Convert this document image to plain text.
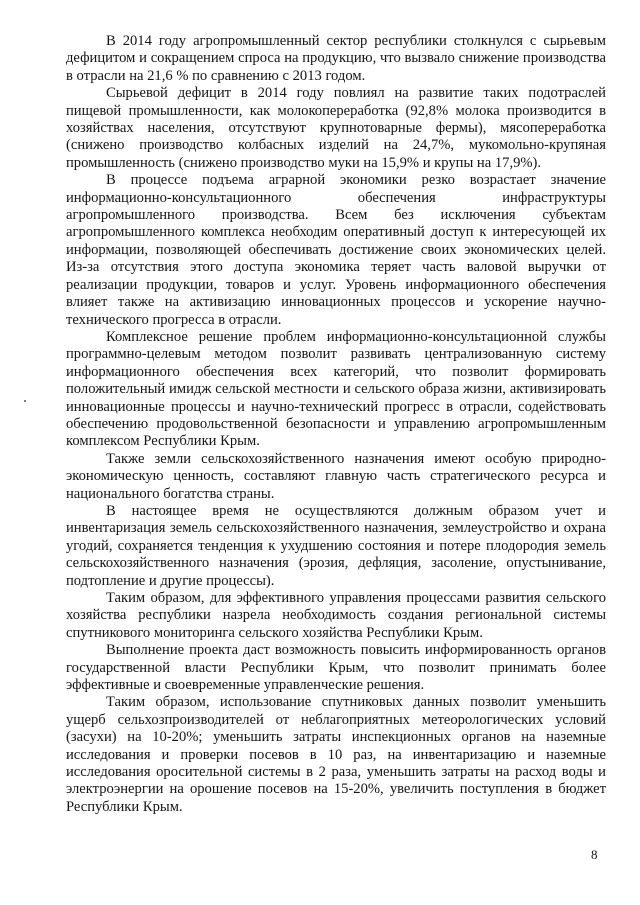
В 2014 году агропромышленный сектор республики столкнулся с сырьевым дефицитом и сокращением спроса на продукцию, что вызвало снижение производства в отрасли на 21,6 % по сравнению с 2013 годом.

Сырьевой дефицит в 2014 году повлиял на развитие таких подотраслей пищевой промышленности, как молокопереработка (92,8% молока производится в хозяйствах населения, отсутствуют крупнотоварные фермы), мясопереработка (снижено производство колбасных изделий на 24,7%, мукомольно-крупяная промышленность (снижено производство муки на 15,9% и крупы на 17,9%).

В процессе подъема аграрной экономики резко возрастает значение информационно-консультационного обеспечения инфраструктуры агропромышленного производства. Всем без исключения субъектам агропромышленного комплекса необходим оперативный доступ к интересующей их информации, позволяющей обеспечивать достижение своих экономических целей. Из-за отсутствия этого доступа экономика теряет часть валовой выручки от реализации продукции, товаров и услуг. Уровень информационного обеспечения влияет также на активизацию инновационных процессов и ускорение научно-технического прогресса в отрасли.

Комплексное решение проблем информационно-консультационной службы программно-целевым методом позволит развивать централизованную систему информационного обеспечения всех категорий, что позволит формировать положительный имидж сельской местности и сельского образа жизни, активизировать инновационные процессы и научно-технический прогресс в отрасли, содействовать обеспечению продовольственной безопасности и управлению агропромышленным комплексом Республики Крым.

Также земли сельскохозяйственного назначения имеют особую природно-экономическую ценность, составляют главную часть стратегического ресурса и национального богатства страны.

В настоящее время не осуществляются должным образом учет и инвентаризация земель сельскохозяйственного назначения, землеустройство и охрана угодий, сохраняется тенденция к ухудшению состояния и потере плодородия земель сельскохозяйственного назначения (эрозия, дефляция, засоление, опустынивание, подтопление и другие процессы).

Таким образом, для эффективного управления процессами развития сельского хозяйства республики назрела необходимость создания региональной системы спутникового мониторинга сельского хозяйства Республики Крым.

Выполнение проекта даст возможность повысить информированность органов государственной власти Республики Крым, что позволит принимать более эффективные и своевременные управленческие решения.

Таким образом, использование спутниковых данных позволит уменьшить ущерб сельхозпроизводителей от неблагоприятных метеорологических условий (засухи) на 10-20%; уменьшить затраты инспекционных органов на наземные исследования и проверки посевов в 10 раз, на инвентаризацию и наземные исследования оросительной системы в 2 раза, уменьшить затраты на расход воды и электроэнергии на орошение посевов на 15-20%, увеличить поступления в бюджет Республики Крым.

8
